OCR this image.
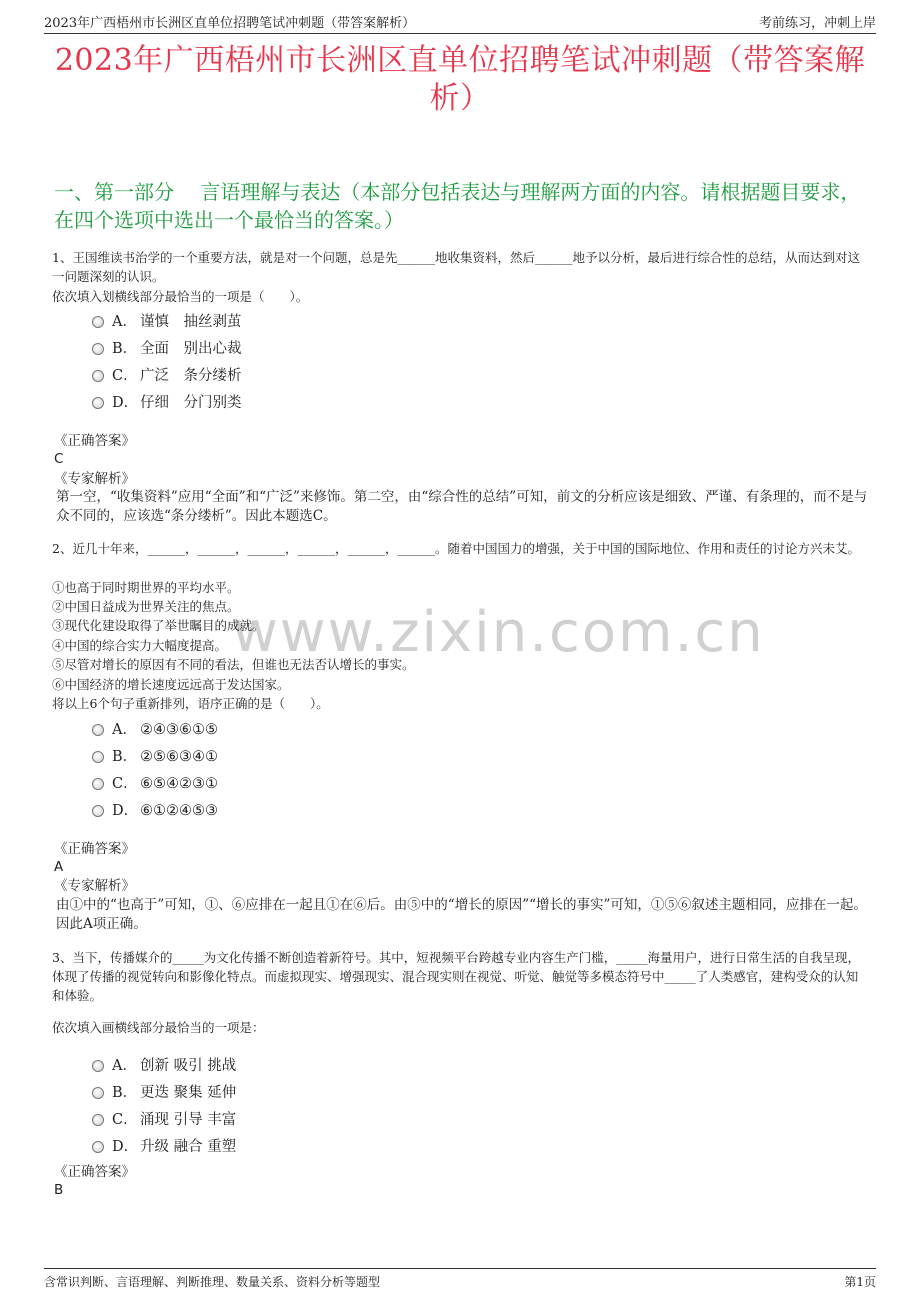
2023年广西梧州市长洲区直单位招聘笔试冲刺题（带答案解析）	考前练习，冲刺上岸
2023年广西梧州市长洲区直单位招聘笔试冲刺题（带答案解析）
一、第一部分　 言语理解与表达（本部分包括表达与理解两方面的内容。请根据题目要求，在四个选项中选出一个最恰当的答案。）
www.zixin.com.cn
1、王国维读书治学的一个重要方法，就是对一个问题，总是先______地收集资料，然后______地予以分析，最后进行综合性的总结，从而达到对这一问题深刻的认识。
依次填入划横线部分最恰当的一项是（　　）。
A． 谨慎　抽丝剥茧
B． 全面　别出心裁
C． 广泛　条分缕析
D． 仔细　分门别类
《正确答案》
C
《专家解析》
第一空，“收集资料”应用“全面”和“广泛”来修饰。第二空，由“综合性的总结”可知，前文的分析应该是细致、严谨、有条理的，而不是与众不同的，应该选“条分缕析”。因此本题选C。
2、近几十年来，______，______，______，______，______，______。随着中国国力的增强，关于中国的国际地位、作用和责任的讨论方兴未艾。
①也高于同时期世界的平均水平。
②中国日益成为世界关注的焦点。
③现代化建设取得了举世瞩目的成就。
④中国的综合实力大幅度提高。
⑤尽管对增长的原因有不同的看法，但谁也无法否认增长的事实。
⑥中国经济的增长速度远远高于发达国家。
将以上6个句子重新排列，语序正确的是（　　）。
A． ②④③⑥①⑤
B． ②⑤⑥③④①
C． ⑥⑤④②③①
D． ⑥①②④⑤③
《正确答案》
A
《专家解析》
由①中的“也高于”可知，①、⑥应排在一起且①在⑥后。由⑤中的“增长的原因”“增长的事实”可知，①⑤⑥叙述主题相同，应排在一起。因此A项正确。
3、当下，传播媒介的_____为文化传播不断创造着新符号。其中，短视频平台跨越专业内容生产门槛，_____海量用户，进行日常生活的自我呈现，体现了传播的视觉转向和影像化特点。而虚拟现实、增强现实、混合现实则在视觉、听觉、触觉等多模态符号中_____了人类感官，建构受众的认知和体验。
依次填入画横线部分最恰当的一项是：
A． 创新 吸引 挑战
B． 更迭 聚集 延伸
C． 涌现 引导 丰富
D． 升级 融合 重塑
《正确答案》
B
含常识判断、言语理解、判断推理、数量关系、资料分析等题型	第1页
